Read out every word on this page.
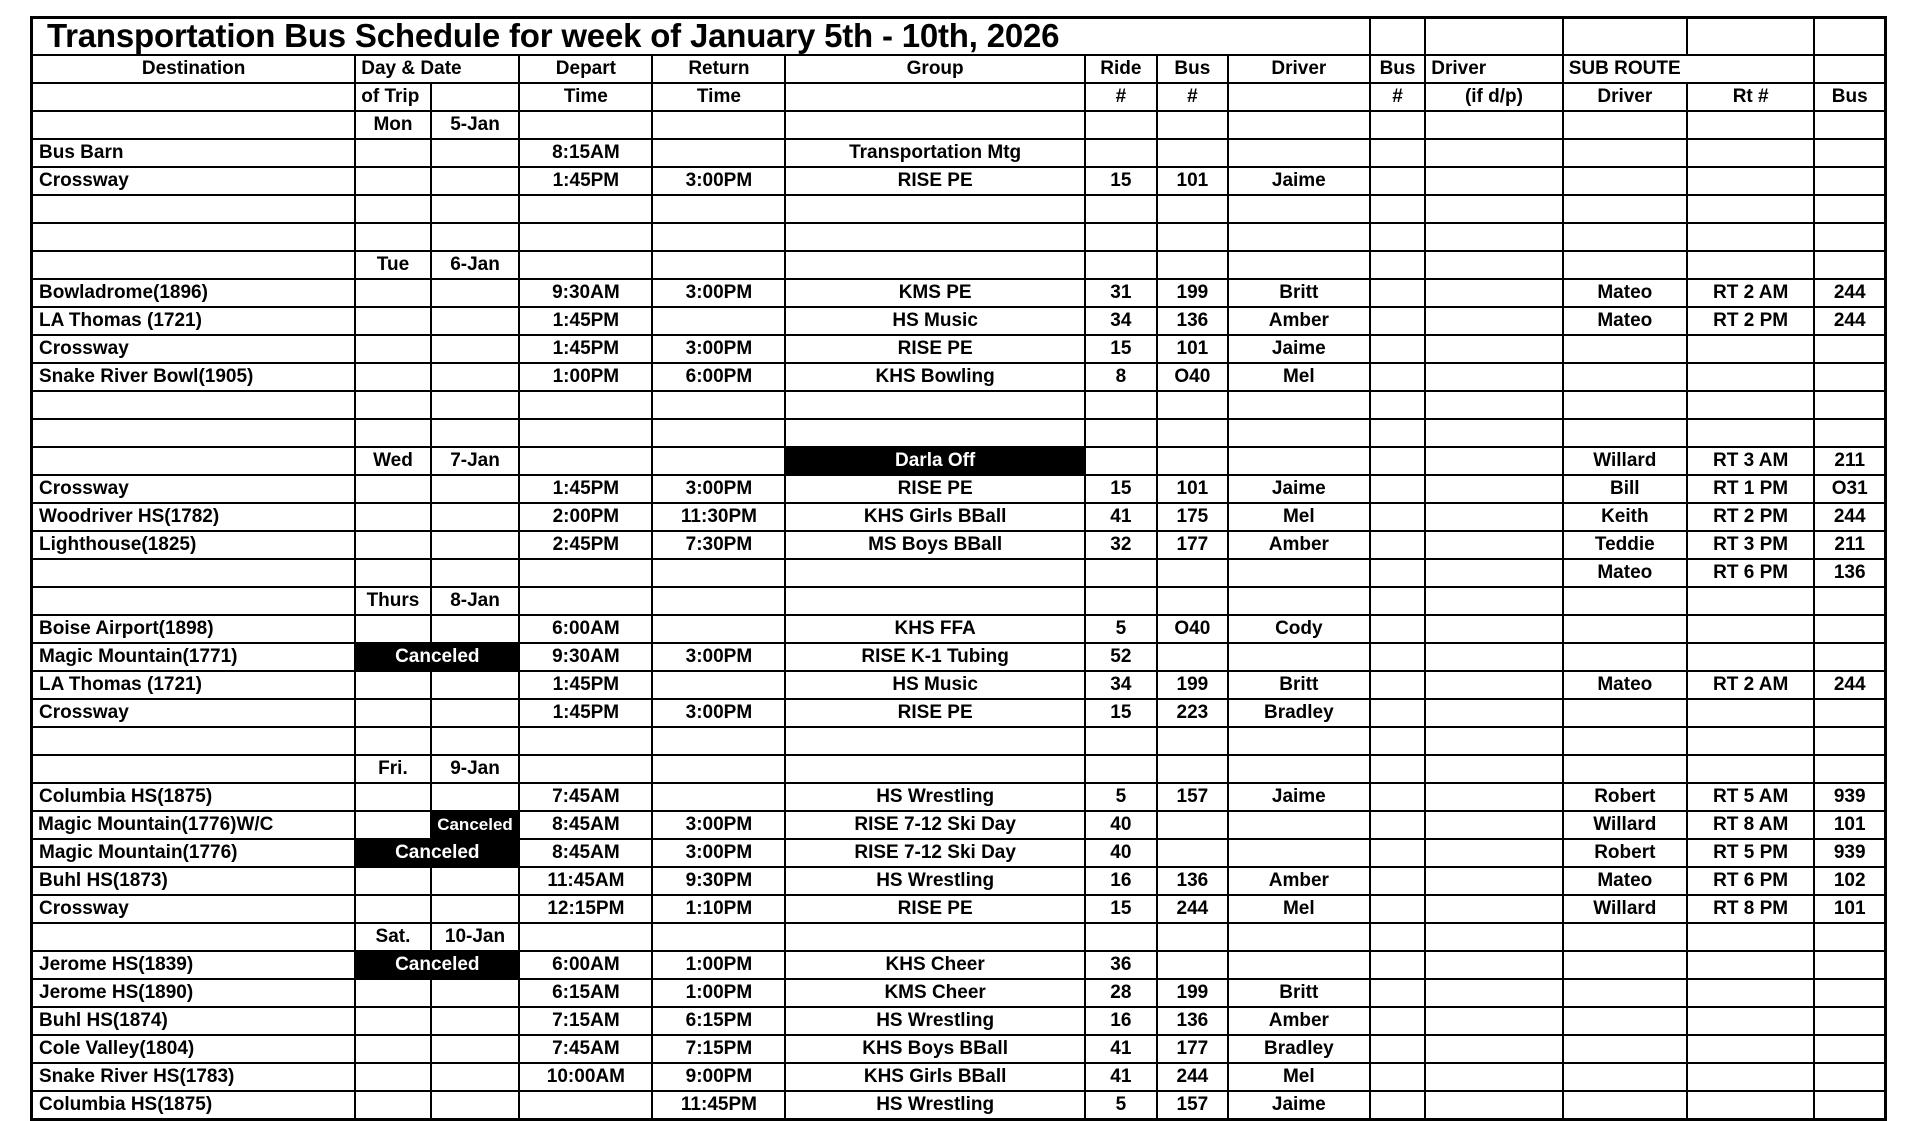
Transportation Bus Schedule for week of January 5th - 10th, 2026													
Destination	Day & Date		Depart	Return	Group	Ride	Bus	Driver	Bus	Driver	SUB ROUTE		
	of Trip		Time	Time		#	#		#	(if d/p)	Driver	Rt #	Bus
	Mon	5-Jan											
Bus Barn			8:15AM		Transportation Mtg								
Crossway			1:45PM	3:00PM	RISE PE	15	101	Jaime					

	Tue	6-Jan											
Bowladrome(1896)			9:30AM	3:00PM	KMS PE	31	199	Britt			Mateo	RT 2 AM	244
LA Thomas (1721)			1:45PM		HS Music	34	136	Amber			Mateo	RT 2 PM	244
Crossway			1:45PM	3:00PM	RISE PE	15	101	Jaime					
Snake River Bowl(1905)			1:00PM	6:00PM	KHS Bowling	8	O40	Mel					

	Wed	7-Jan			Darla Off						Willard	RT 3 AM	211
Crossway			1:45PM	3:00PM	RISE PE	15	101	Jaime			Bill	RT 1 PM	O31
Woodriver HS(1782)			2:00PM	11:30PM	KHS Girls BBall	41	175	Mel			Keith	RT 2 PM	244
Lighthouse(1825)			2:45PM	7:30PM	MS Boys BBall	32	177	Amber			Teddie	RT 3 PM	211
											Mateo	RT 6 PM	136
	Thurs	8-Jan											
Boise Airport(1898)			6:00AM		KHS FFA	5	O40	Cody					
Magic Mountain(1771)	Canceled		9:30AM	3:00PM	RISE K-1 Tubing	52							
LA Thomas (1721)			1:45PM		HS Music	34	199	Britt			Mateo	RT 2 AM	244
Crossway			1:45PM	3:00PM	RISE PE	15	223	Bradley					

	Fri.	9-Jan											
Columbia HS(1875)			7:45AM		HS Wrestling	5	157	Jaime			Robert	RT 5 AM	939

Magic Mountain(1776)W/C		Canceled	8:45AM	3:00PM	RISE 7-12 Ski Day	40					Willard	RT 8 AM	101
Magic Mountain(1776)	Canceled		8:45AM	3:00PM	RISE 7-12 Ski Day	40					Robert	RT 5 PM	939
Buhl HS(1873)			11:45AM	9:30PM	HS Wrestling	16	136	Amber			Mateo	RT 6 PM	102
Crossway			12:15PM	1:10PM	RISE PE	15	244	Mel			Willard	RT 8 PM	101
	Sat.	10-Jan											
Jerome HS(1839)	Canceled		6:00AM	1:00PM	KHS Cheer	36							
Jerome HS(1890)			6:15AM	1:00PM	KMS Cheer	28	199	Britt					
Buhl HS(1874)			7:15AM	6:15PM	HS Wrestling	16	136	Amber					
Cole Valley(1804)			7:45AM	7:15PM	KHS Boys BBall	41	177	Bradley					
Snake River HS(1783)			10:00AM	9:00PM	KHS Girls BBall	41	244	Mel					
Columbia HS(1875)				11:45PM	HS Wrestling	5	157	Jaime					
